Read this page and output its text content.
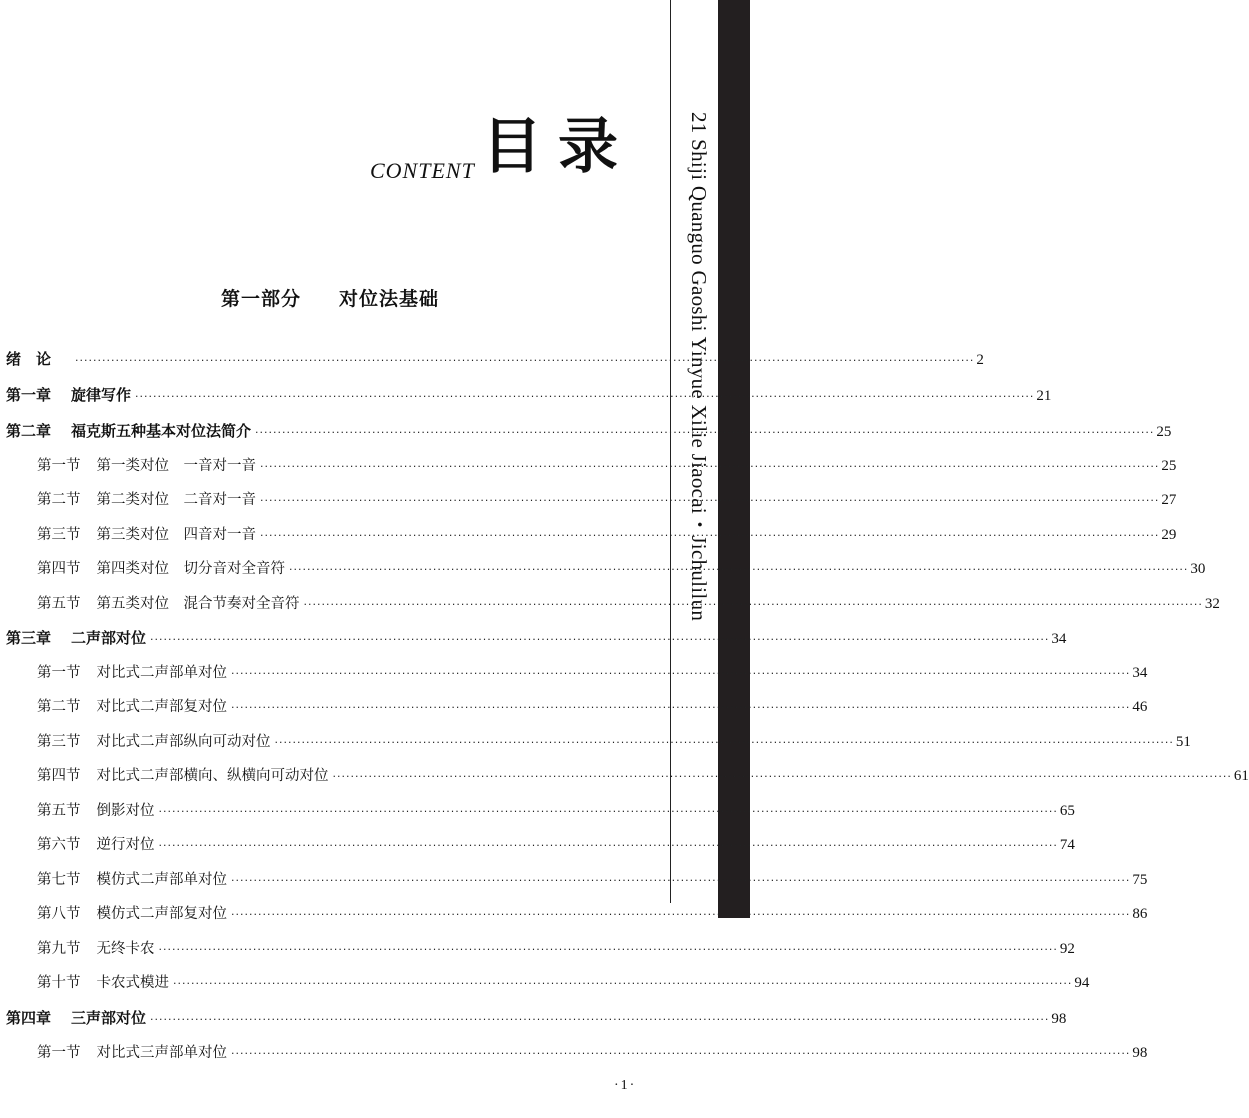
CONTENT 目录
第一部分 对位法基础	21 Shiji Quanguo Gaoshi Yinyue Xilie Jiaocai・Jichulilun
绪　论 ········································································································································································································ 2
第一章 旋律写作 ········································································································································································································ 21
第二章 福克斯五种基本对位法简介 ········································································································································································································ 25
第一节 第一类对位　一音对一音 ········································································································································································································ 25
第二节 第二类对位　二音对一音 ········································································································································································································ 27
第三节 第三类对位　四音对一音 ········································································································································································································ 29
第四节 第四类对位　切分音对全音符 ········································································································································································································ 30
第五节 第五类对位　混合节奏对全音符 ········································································································································································································ 32
第三章 二声部对位 ········································································································································································································ 34
第一节 对比式二声部单对位 ········································································································································································································ 34
第二节 对比式二声部复对位 ········································································································································································································ 46
第三节 对比式二声部纵向可动对位 ········································································································································································································ 51
第四节 对比式二声部横向、纵横向可动对位 ········································································································································································································ 61
第五节 倒影对位 ········································································································································································································ 65
第六节 逆行对位 ········································································································································································································ 74
第七节 模仿式二声部单对位 ········································································································································································································ 75
第八节 模仿式二声部复对位 ········································································································································································································ 86
第九节 无终卡农 ········································································································································································································ 92
第十节 卡农式模进 ········································································································································································································ 94
第四章 三声部对位 ········································································································································································································ 98
第一节 对比式三声部单对位 ········································································································································································································ 98
·1·
